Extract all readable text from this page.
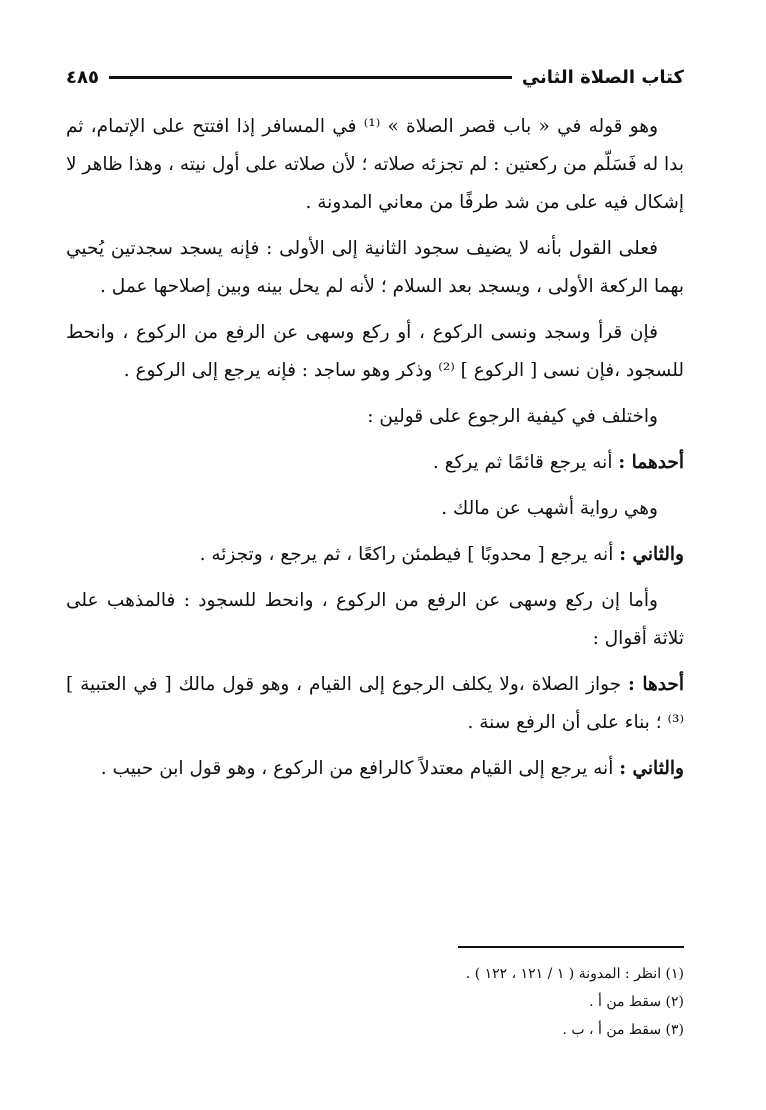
كتاب الصلاة الثاني
٤٨٥

وهو قوله في « باب قصر الصلاة » ⁽¹⁾ في المسافر إذا افتتح على الإتمام، ثم بدا له فَسَلّم من ركعتين : لم تجزئه صلاته ؛ لأن صلاته على أول نيته ، وهذا ظاهر لا إشكال فيه على من شد طرفًا من معاني المدونة .

فعلى القول بأنه لا يضيف سجود الثانية إلى الأولى : فإنه يسجد سجدتين يُحيي بهما الركعة الأولى ، ويسجد بعد السلام ؛ لأنه لم يحل بينه وبين إصلاحها عمل .

فإن قرأ وسجد ونسى الركوع ، أو ركع وسهى عن الرفع من الركوع ، وانحط للسجود ،فإن نسى [ الركوع ] ⁽²⁾ وذكر وهو ساجد : فإنه يرجع إلى الركوع .

واختلف في كيفية الرجوع على قولين :

أحدهما : أنه يرجع قائمًا ثم يركع .

وهي رواية أشهب عن مالك .

والثاني : أنه يرجع [ محدوبًا ] فيطمئن راكعًا ، ثم يرجع ، وتجزئه .

وأما إن ركع وسهى عن الرفع من الركوع ، وانحط للسجود : فالمذهب على ثلاثة أقوال :

أحدها : جواز الصلاة ،ولا يكلف الرجوع إلى القيام ، وهو قول مالك [ في العتبية ] ⁽³⁾ ؛ بناء على أن الرفع سنة .

والثاني : أنه يرجع إلى القيام معتدلاً كالرافع من الركوع ، وهو قول ابن حبيب .

(١) انظر : المدونة ( ١ / ١٢١ ، ١٢٢ ) .
(٢) سقط من أ .
(٣) سقط من أ ، ب .
